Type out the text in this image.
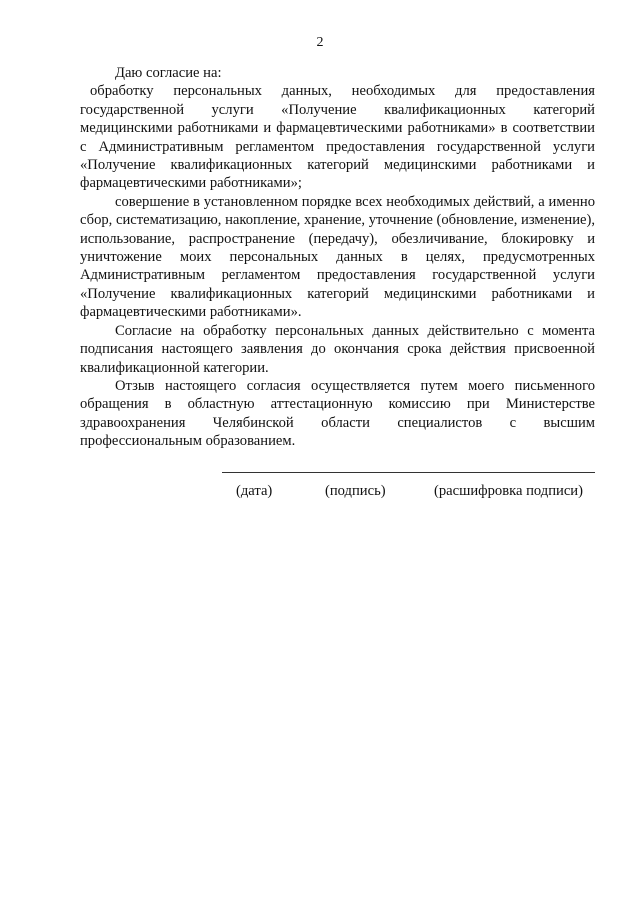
2

Даю согласие на:

обработку персональных данных, необходимых для предоставления государственной услуги «Получение квалификационных категорий медицинскими работниками и фармацевтическими работниками» в соответствии с Административным регламентом предоставления государственной услуги «Получение квалификационных категорий медицинскими работниками и фармацевтическими работниками»;

совершение в установленном порядке всех необходимых действий, а именно сбор, систематизацию, накопление, хранение, уточнение (обновление, изменение), использование, распространение (передачу), обезличивание, блокировку и уничтожение моих персональных данных в целях, предусмотренных Административным регламентом предоставления государственной услуги «Получение квалификационных категорий медицинскими работниками и фармацевтическими работниками».

Согласие на обработку персональных данных действительно с момента подписания настоящего заявления до окончания срока действия присвоенной квалификационной категории.

Отзыв настоящего согласия осуществляется путем моего письменного обращения в областную аттестационную комиссию при Министерстве здравоохранения Челябинской области специалистов с высшим профессиональным образованием.

(дата)	(подпись)	(расшифровка подписи)
